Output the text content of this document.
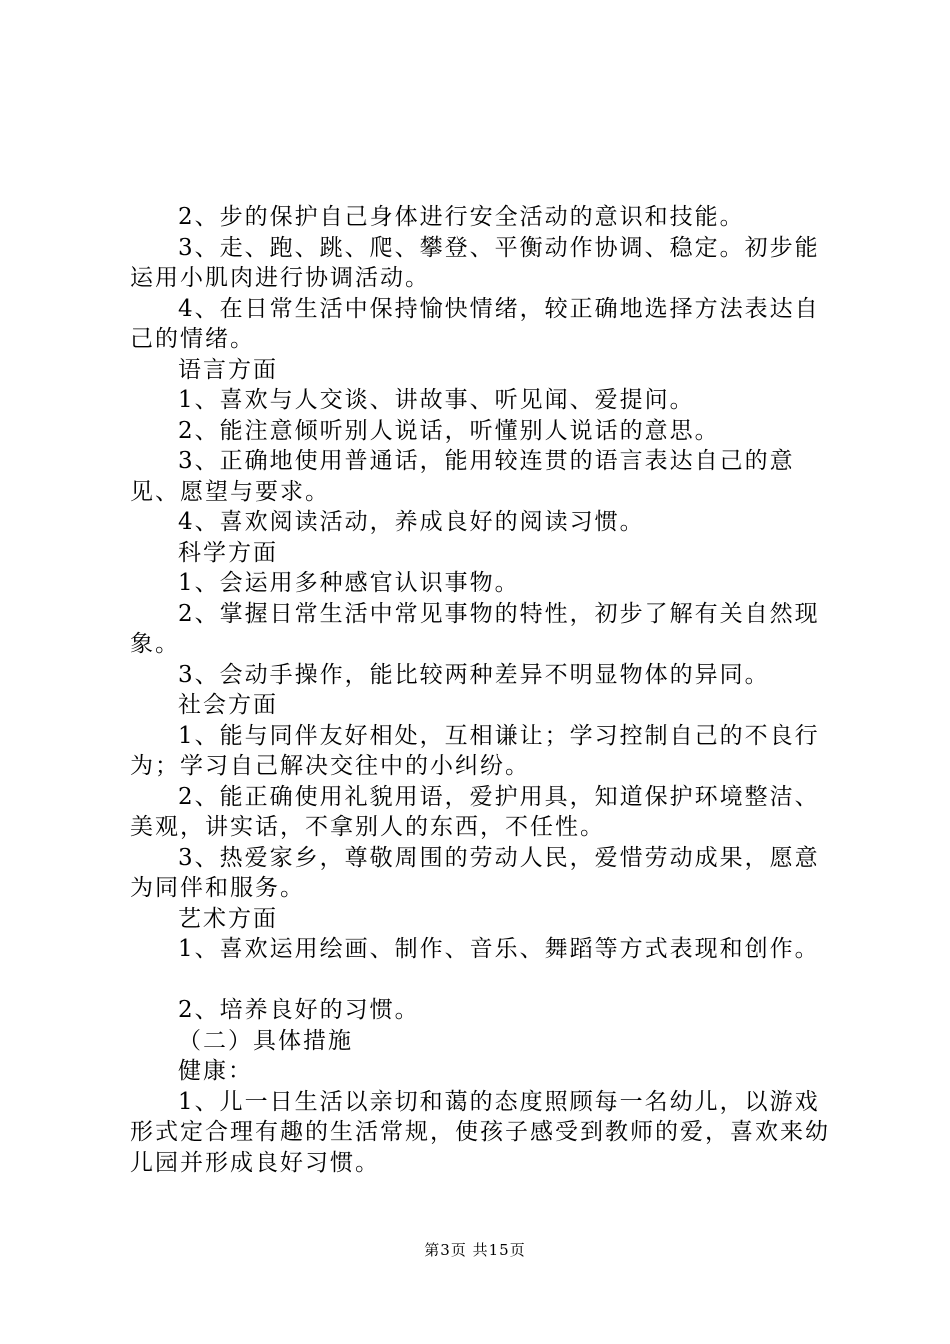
2、步的保护自己身体进行安全活动的意识和技能。

3、走、跑、跳、爬、攀登、平衡动作协调、稳定。初步能运用小肌肉进行协调活动。

4、在日常生活中保持愉快情绪，较正确地选择方法表达自己的情绪。

语言方面

1、喜欢与人交谈、讲故事、听见闻、爱提问。

2、能注意倾听别人说话，听懂别人说话的意思。

3、正确地使用普通话，能用较连贯的语言表达自己的意见、愿望与要求。

4、喜欢阅读活动，养成良好的阅读习惯。

科学方面

1、会运用多种感官认识事物。

2、掌握日常生活中常见事物的特性，初步了解有关自然现象。

3、会动手操作，能比较两种差异不明显物体的异同。

社会方面

1、能与同伴友好相处，互相谦让；学习控制自己的不良行为；学习自己解决交往中的小纠纷。

2、能正确使用礼貌用语，爱护用具，知道保护环境整洁、美观，讲实话，不拿别人的东西，不任性。

3、热爱家乡，尊敬周围的劳动人民，爱惜劳动成果，愿意为同伴和服务。

艺术方面

1、喜欢运用绘画、制作、音乐、舞蹈等方式表现和创作。

2、培养良好的习惯。

（二）具体措施

健康：

1、儿一日生活以亲切和蔼的态度照顾每一名幼儿，以游戏形式定合理有趣的生活常规，使孩子感受到教师的爱，喜欢来幼儿园并形成良好习惯。

第3页 共15页
